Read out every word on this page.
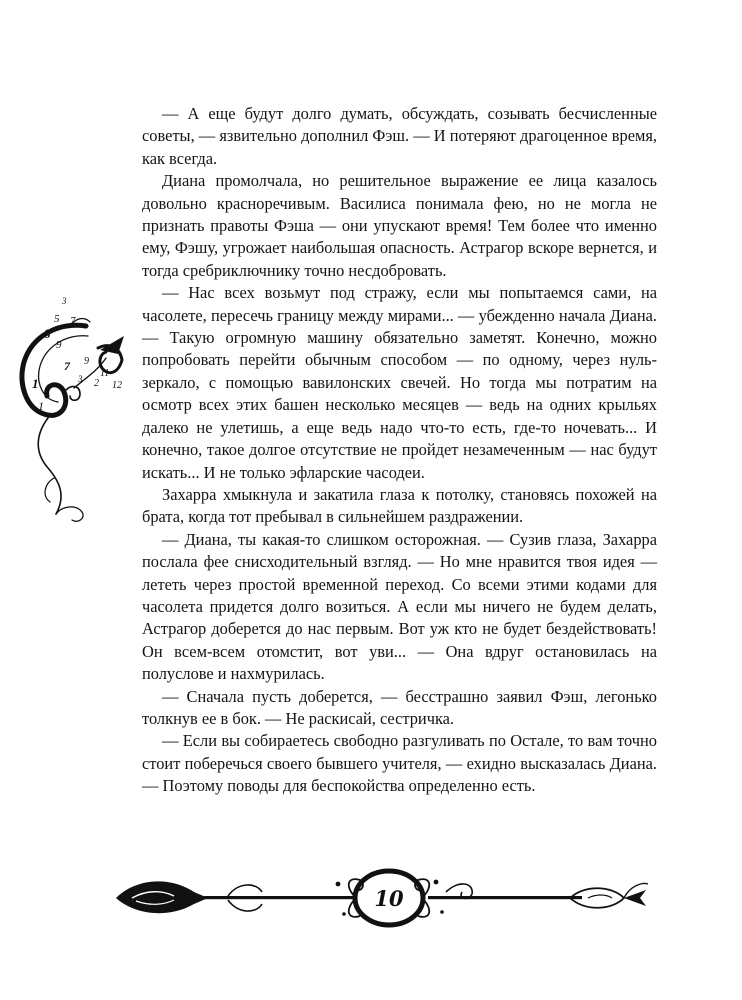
— А еще будут долго думать, обсуждать, созывать бесчисленные советы, — язвительно дополнил Фэш. — И потеряют драгоценное время, как всегда.

Диана промолчала, но решительное выражение ее лица казалось довольно красноречивым. Василиса понимала фею, но не могла не признать правоты Фэша — они упускают время! Тем более что именно ему, Фэшу, угрожает наибольшая опасность. Астрагор вскоре вернется, и тогда сребриключнику точно несдобровать.

— Нас всех возьмут под стражу, если мы попытаемся сами, на часолете, пересечь границу между мирами... — убежденно начала Диана. — Такую огромную машину обязательно заметят. Конечно, можно попробовать перейти обычным способом — по одному, через нуль-зеркало, с помощью вавилонских свечей. Но тогда мы потратим на осмотр всех этих башен несколько месяцев — ведь на одних крыльях далеко не улетишь, а еще ведь надо что-то есть, где-то ночевать... И конечно, такое долгое отсутствие не пройдет незамеченным — нас будут искать... И не только эфларские часодеи.

Захарра хмыкнула и закатила глаза к потолку, становясь похожей на брата, когда тот пребывал в сильнейшем раздражении.

— Диана, ты какая-то слишком осторожная. — Сузив глаза, Захарра послала фее снисходительный взгляд. — Но мне нравится твоя идея — лететь через простой временной переход. Со всеми этими кодами для часолета придется долго возиться. А если мы ничего не будем делать, Астрагор доберется до нас первым. Вот уж кто не будет бездействовать! Он всем-всем отомстит, вот уви... — Она вдруг остановилась на полуслове и нахмурилась.

— Сначала пусть доберется, — бесстрашно заявил Фэш, легонько толкнув ее в бок. — Не раскисай, сестричка.

— Если вы собираетесь свободно разгуливать по Остале, то вам точно стоит поберечься своего бывшего учителя, — ехидно высказалась Диана. — Поэтому поводы для беспокойства определенно есть.

3
5 7
8
9
1
1
7 9
3 2
11
12
10
